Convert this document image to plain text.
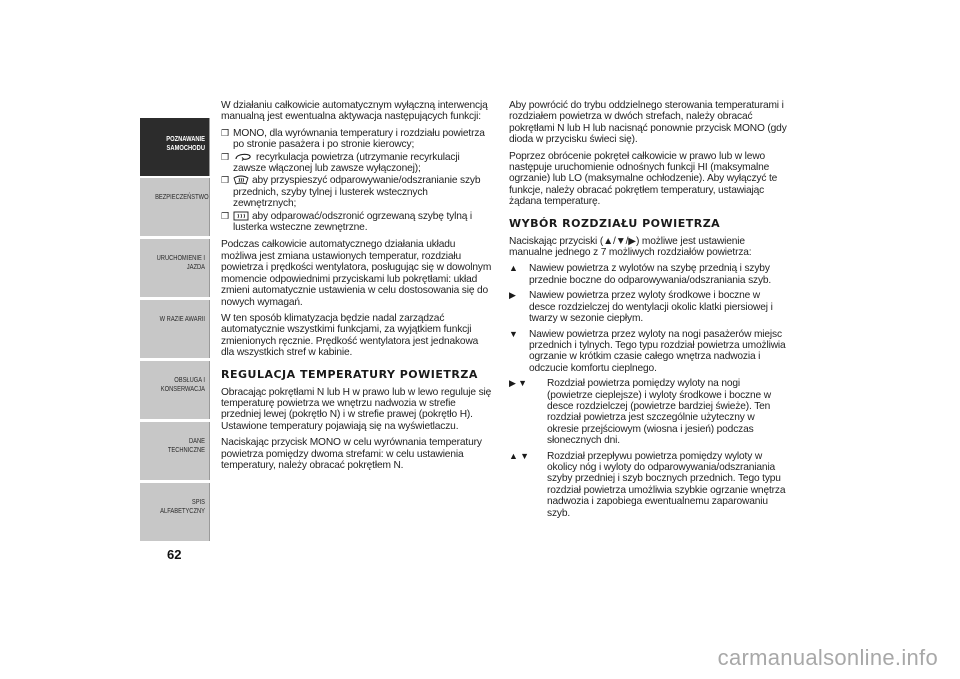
POZNAWANIE
SAMOCHODU
BEZPIECZEŃSTWO
URUCHOMIENIE I
JAZDA
W RAZIE AWARII
OBSŁUGA I
KONSERWACJA
DANE TECHNICZNE
SPIS ALFABETYCZNY
62

W działaniu całkowicie automatycznym wyłączną interwencją manualną jest ewentualna aktywacja następujących funkcji:

❒ MONO, dla wyrównania temperatury i rozdziału powietrza po stronie pasażera i po stronie kierowcy;
❒	recyrkulacja powietrza (utrzymanie recyrkulacji zawsze włączonej lub zawsze wyłączonej);
❒ aby przyspieszyć odparowywanie/odszranianie szyb przednich, szyby tylnej i lusterek wstecznych zewnętrznych;
❒ aby odparować/odszronić ogrzewaną szybę tylną i lusterka wsteczne zewnętrzne.

Podczas całkowicie automatycznego działania układu możliwa jest zmiana ustawionych temperatur, rozdziału powietrza i prędkości wentylatora, posługując się w dowolnym momencie odpowiednimi przyciskami lub pokrętłami: układ zmieni automatycznie ustawienia w celu dostosowania się do nowych wymagań.

W ten sposób klimatyzacja będzie nadal zarządzać automatycznie wszystkimi funkcjami, za wyjątkiem funkcji zmienionych ręcznie. Prędkość wentylatora jest jednakowa dla wszystkich stref w kabinie.

REGULACJA TEMPERATURY POWIETRZA

Obracając pokrętłami N lub H w prawo lub w lewo reguluje się temperaturę powietrza we wnętrzu nadwozia w strefie przedniej lewej (pokrętło N) i w strefie prawej (pokrętło H). Ustawione temperatury pojawiają się na wyświetlaczu.

Naciskając przycisk MONO w celu wyrównania temperatury powietrza pomiędzy dwoma strefami: w celu ustawienia temperatury, należy obracać pokrętłem N.

Aby powrócić do trybu oddzielnego sterowania temperaturami i rozdziałem powietrza w dwóch strefach, należy obracać pokrętłami N lub H lub nacisnąć ponownie przycisk MONO (gdy dioda w przycisku świeci się).

Poprzez obrócenie pokręteł całkowicie w prawo lub w lewo następuje uruchomienie odnośnych funkcji HI (maksymalne ogrzanie) lub LO (maksymalne ochłodzenie). Aby wyłączyć te funkcje, należy obracać pokrętłem temperatury, ustawiając żądana temperaturę.

WYBÓR ROZDZIAŁU POWIETRZA

Naciskając przyciski (▲/▼/▶) możliwe jest ustawienie manualne jednego z 7 możliwych rozdziałów powietrza:

▲ Nawiew powietrza z wylotów na szybę przednią i szyby przednie boczne do odparowywania/odszraniania szyb.
▶ Nawiew powietrza przez wyloty środkowe i boczne w desce rozdzielczej do wentylacji okolic klatki piersiowej i twarzy w sezonie ciepłym.
▼ Nawiew powietrza przez wyloty na nogi pasażerów miejsc przednich i tylnych. Tego typu rozdział powietrza umożliwia ogrzanie w krótkim czasie całego wnętrza nadwozia i odczucie komfortu cieplnego.
▶ ▼ Rozdział powietrza pomiędzy wyloty na nogi (powietrze cieplejsze) i wyloty środkowe i boczne w desce rozdzielczej (powietrze bardziej świeże). Ten rozdział powietrza jest szczególnie użyteczny w okresie przejściowym (wiosna i jesień) podczas słonecznych dni.
▲ ▼ Rozdział przepływu powietrza pomiędzy wyloty w okolicy nóg i wyloty do odparowywania/odszraniania szyby przedniej i szyb bocznych przednich. Tego typu rozdział powietrza umożliwia szybkie ogrzanie wnętrza nadwozia i zapobiega ewentualnemu zaparowaniu szyb.
carmanualsonline.info
